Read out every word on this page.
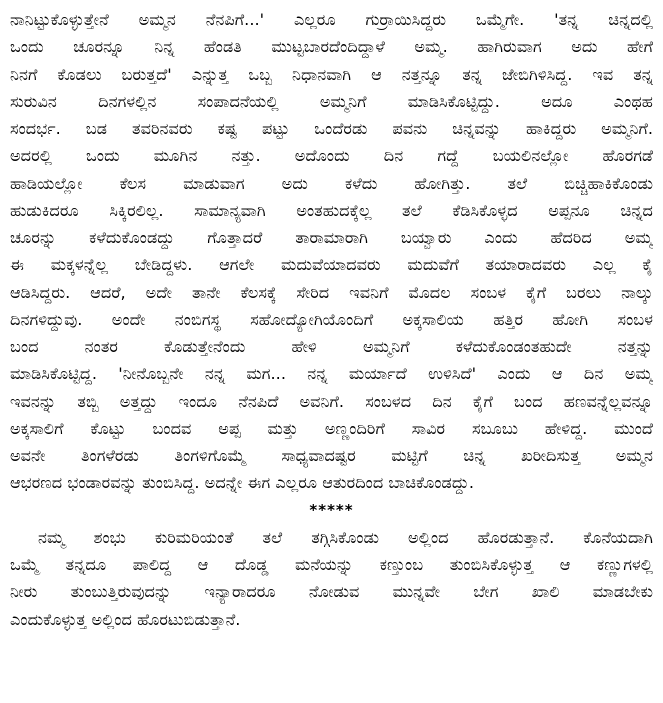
ನಾನಿಟ್ಟುಕೊಳ್ಳುತ್ತೇನೆ ಅಮ್ಮನ ನೆನಪಿಗೆ...' ಎಲ್ಲರೂ ಗುರ್ರಾಯಿಸಿದ್ದರು ಒಮ್ಮೆಗೇ. 'ತನ್ನ ಚಿನ್ನದಲ್ಲಿ
ಒಂದು ಚೂರನ್ನೂ ನಿನ್ನ ಹೆಂಡತಿ ಮುಟ್ಟಬಾರದೆಂದಿದ್ದಾಳೆ ಅಮ್ಮ. ಹಾಗಿರುವಾಗ ಅದು ಹೇಗೆ
ನಿನಗೆ ಕೊಡಲು ಬರುತ್ತದೆ' ಎನ್ನುತ್ತ ಒಬ್ಬ ನಿಧಾನವಾಗಿ ಆ ನತ್ತನ್ನೂ ತನ್ನ ಜೇಬಿಗಿಳಿಸಿದ್ದ. ಇವ ತನ್ನ
ಸುರುವಿನ ದಿನಗಳಲ್ಲಿನ ಸಂಪಾದನೆಯಲ್ಲಿ ಅಮ್ಮನಿಗೆ ಮಾಡಿಸಿಕೊಟ್ಟಿದ್ದು. ಅದೂ ಎಂಥಹ
ಸಂದರ್ಭ. ಬಡ ತವರಿನವರು ಕಷ್ಟ ಪಟ್ಟು ಒಂದೆರಡು ಪವನು ಚಿನ್ನವನ್ನು ಹಾಕಿದ್ದರು ಅಮ್ಮನಿಗೆ.
ಅದರಲ್ಲಿ ಒಂದು ಮೂಗಿನ ನತ್ತು. ಅದೊಂದು ದಿನ ಗದ್ದೆ ಬಯಲಿನಲ್ಲೋ ಹೊರಗಡೆ
ಹಾಡಿಯಲ್ಲೋ ಕೆಲಸ ಮಾಡುವಾಗ ಅದು ಕಳೆದು ಹೋಗಿತ್ತು. ತಲೆ ಬಿಚ್ಚಿಹಾಕಿಕೊಂಡು
ಹುಡುಕಿದರೂ ಸಿಕ್ಕಿರಲಿಲ್ಲ. ಸಾಮಾನ್ಯವಾಗಿ ಅಂತಹುದಕ್ಕೆಲ್ಲ ತಲೆ ಕೆಡಿಸಿಕೊಳ್ಳದ ಅಪ್ಪನೂ ಚಿನ್ನದ
ಚೂರನ್ನು ಕಳೆದುಕೊಂಡದ್ದು ಗೊತ್ತಾದರೆ ತಾರಾಮಾರಾಗಿ ಬಯ್ವಾರು ಎಂದು ಹೆದರಿದ ಅಮ್ಮ
ಈ ಮಕ್ಕಳನ್ನೆಲ್ಲ ಬೇಡಿದ್ದಳು. ಆಗಲೇ ಮದುವೆಯಾದವರು ಮದುವೆಗೆ ತಯಾರಾದವರು ಎಲ್ಲ ಕೈ
ಆಡಿಸಿದ್ದರು. ಆದರೆ, ಅದೇ ತಾನೇ ಕೆಲಸಕ್ಕೆ ಸೇರಿದ ಇವನಿಗೆ ಮೊದಲ ಸಂಬಳ ಕೈಗೆ ಬರಲು ನಾಲ್ಕು
ದಿನಗಳಿದ್ದುವು. ಅಂದೇ ನಂಬಿಗಸ್ಥ ಸಹೋದ್ಯೋಗಿಯೊಂದಿಗೆ ಅಕ್ಕಸಾಲಿಯ ಹತ್ತಿರ ಹೋಗಿ ಸಂಬಳ
ಬಂದ ನಂತರ ಕೊಡುತ್ತೇನೆಂದು ಹೇಳಿ ಅಮ್ಮನಿಗೆ ಕಳೆದುಕೊಂಡಂತಹುದೇ ನತ್ತನ್ನು
ಮಾಡಿಸಿಕೊಟ್ಟಿದ್ದ. 'ನೀನೊಬ್ಬನೇ ನನ್ನ ಮಗ... ನನ್ನ ಮರ್ಯಾದೆ ಉಳಿಸಿದೆ' ಎಂದು ಆ ದಿನ ಅಮ್ಮ
ಇವನನ್ನು ತಬ್ಬಿ ಅತ್ತದ್ದು ಇಂದೂ ನೆನಪಿದೆ ಅವನಿಗೆ. ಸಂಬಳದ ದಿನ ಕೈಗೆ ಬಂದ ಹಣವನ್ನೆಲ್ಲವನ್ನೂ
ಅಕ್ಕಸಾಲಿಗೆ ಕೊಟ್ಟು ಬಂದವ ಅಪ್ಪ ಮತ್ತು ಅಣ್ಣಂದಿರಿಗೆ ಸಾವಿರ ಸಬೂಬು ಹೇಳಿದ್ದ. ಮುಂದೆ
ಅವನೇ ತಿಂಗಳೆರಡು ತಿಂಗಳಿಗೊಮ್ಮೆ ಸಾಧ್ಯವಾದಷ್ಟರ ಮಟ್ಟಿಗೆ ಚಿನ್ನ ಖರೀದಿಸುತ್ತ ಅಮ್ಮನ
ಆಭರಣದ ಭಂಡಾರವನ್ನು ತುಂಬಿಸಿದ್ದ. ಅದನ್ನೇ ಈಗ ಎಲ್ಲರೂ ಆತುರದಿಂದ ಬಾಚಿಕೊಂಡದ್ದು.
*****
ನಮ್ಮ ಶಂಭು ಕುರಿಮರಿಯಂತೆ ತಲೆ ತಗ್ಗಿಸಿಕೊಂಡು ಅಲ್ಲಿಂದ ಹೊರಡುತ್ತಾನೆ. ಕೊನೆಯದಾಗಿ
ಒಮ್ಮೆ ತನ್ನದೂ ಪಾಲಿದ್ದ ಆ ದೊಡ್ಡ ಮನೆಯನ್ನು ಕಣ್ತುಂಬ ತುಂಬಿಸಿಕೊಳ್ಳುತ್ತ ಆ ಕಣ್ಣುಗಳಲ್ಲಿ
ನೀರು ತುಂಬುತ್ತಿರುವುದನ್ನು ಇನ್ಯಾರಾದರೂ ನೋಡುವ ಮುನ್ನವೇ ಬೇಗ ಖಾಲಿ ಮಾಡಬೇಕು
ಎಂದುಕೊಳ್ಳುತ್ತ ಅಲ್ಲಿಂದ ಹೊರಟುಬಿಡುತ್ತಾನೆ.
